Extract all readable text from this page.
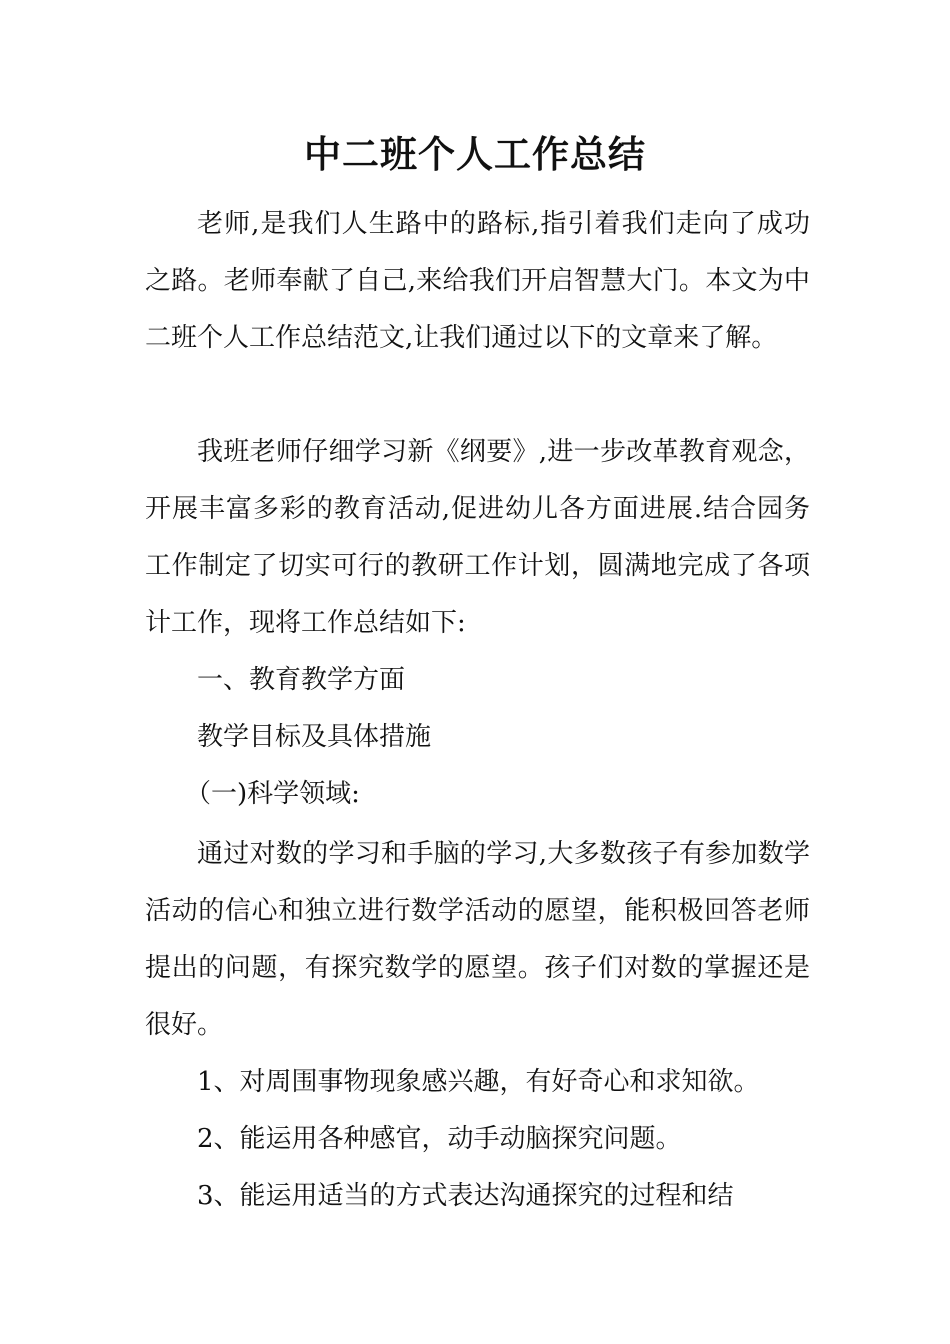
中二班个人工作总结

老师,是我们人生路中的路标,指引着我们走向了成功之路。老师奉献了自己,来给我们开启智慧大门。本文为中二班个人工作总结范文,让我们通过以下的文章来了解。

我班老师仔细学习新《纲要》,进一步改革教育观念，开展丰富多彩的教育活动,促进幼儿各方面进展.结合园务工作制定了切实可行的教研工作计划，圆满地完成了各项计工作，现将工作总结如下:

一、教育教学方面

教学目标及具体措施

（一)科学领域:

通过对数的学习和手脑的学习,大多数孩子有参加数学活动的信心和独立进行数学活动的愿望，能积极回答老师提出的问题，有探究数学的愿望。孩子们对数的掌握还是很好。

1、对周围事物现象感兴趣，有好奇心和求知欲。

2、能运用各种感官，动手动脑探究问题。

3、能运用适当的方式表达沟通探究的过程和结
